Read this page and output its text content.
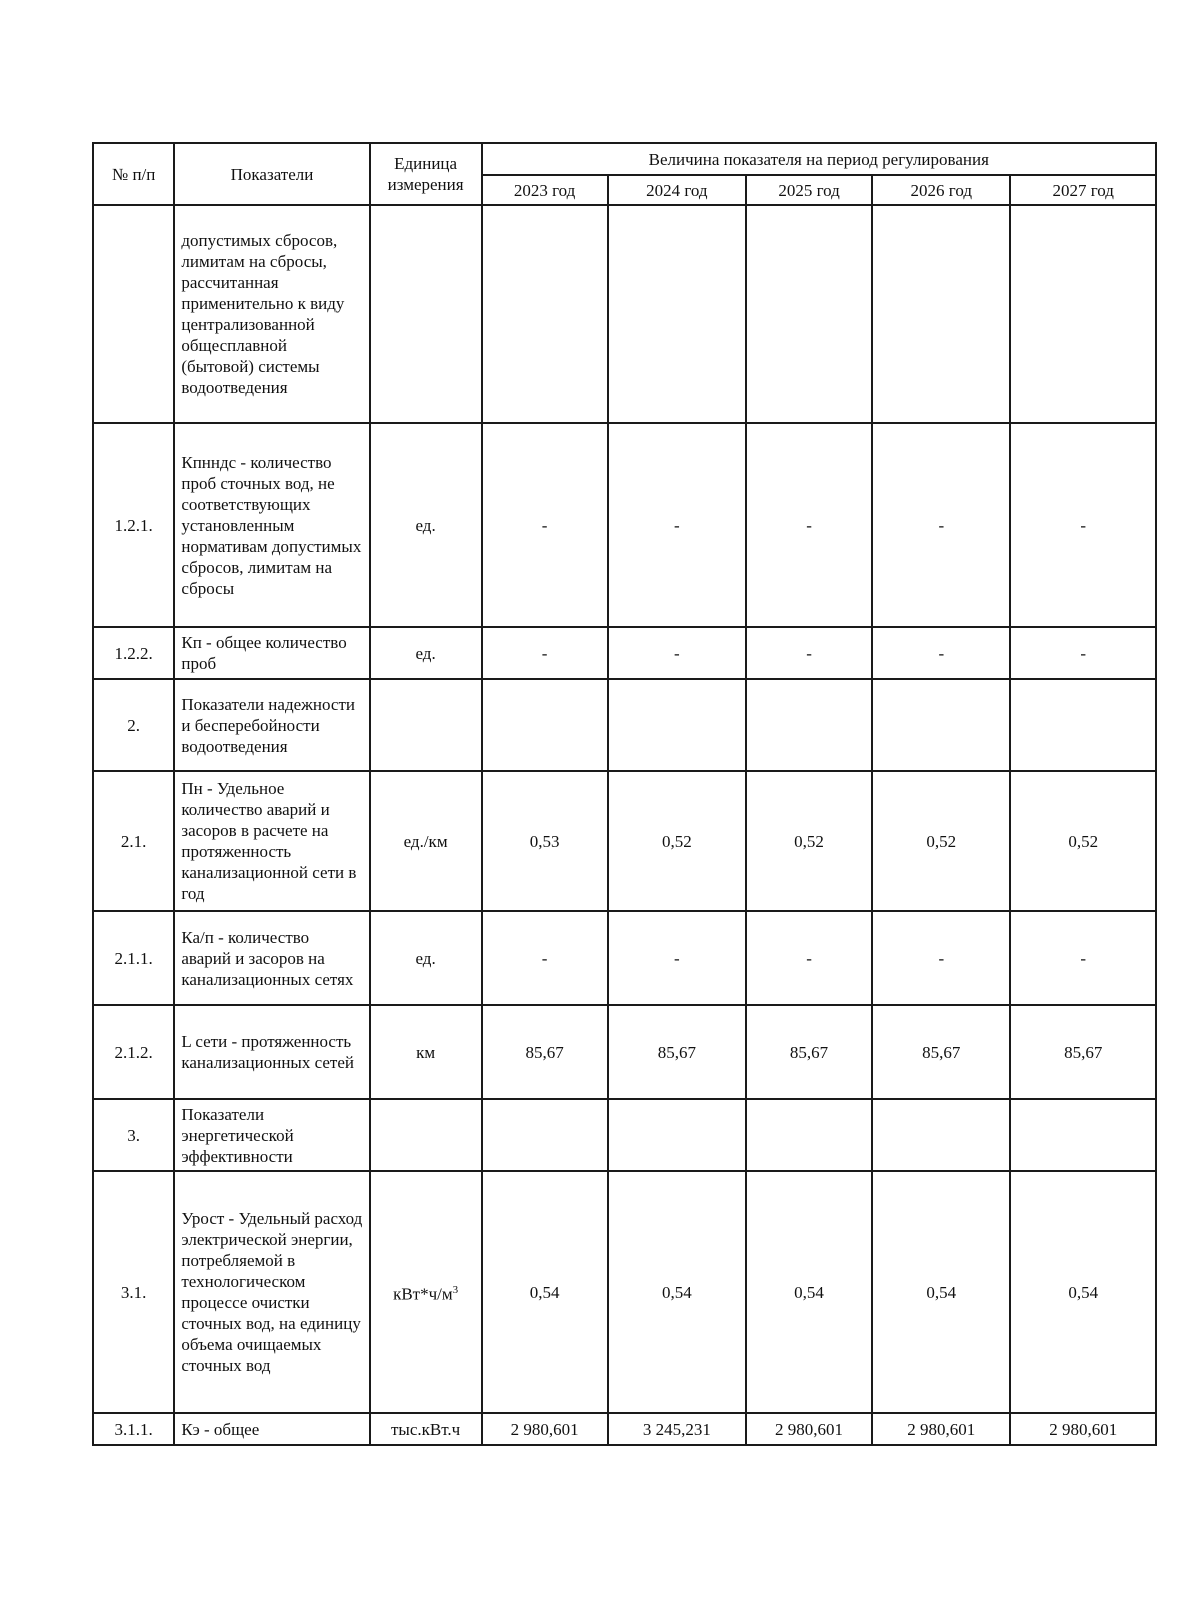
№ п/п	Показатели	Единица измерения	Величина показателя на период регулирования				
			2023 год	2024 год	2025 год	2026 год	2027 год
	допустимых сбросов, лимитам на сбросы, рассчитанная применительно к виду централизованной общесплавной (бытовой) системы водоотведения						
1.2.1.	Кпнндс - количество проб сточных вод, не соответствующих установленным нормативам допустимых сбросов, лимитам на сбросы	ед.	-	-	-	-	-
1.2.2.	Кп - общее количество проб	ед.	-	-	-	-	-
2.	Показатели надежности и бесперебойности водоотведения						
2.1.	Пн - Удельное количество аварий и засоров в расчете на протяженность канализационной сети в год	ед./км	0,53	0,52	0,52	0,52	0,52
2.1.1.	Ка/п - количество аварий и засоров на канализационных сетях	ед.	-	-	-	-	-
2.1.2.	L сети - протяженность канализационных сетей	км	85,67	85,67	85,67	85,67	85,67
3.	Показатели энергетической эффективности						
3.1.	Урост - Удельный расход электрической энергии, потребляемой в технологическом процессе очистки сточных вод, на единицу объема очищаемых сточных вод	$кВт*ч/м^3$	0,54	0,54	0,54	0,54	0,54
3.1.1.	Кэ - общее	тыс.кВт.ч	2 980,601	3 245,231	2 980,601	2 980,601	2 980,601
